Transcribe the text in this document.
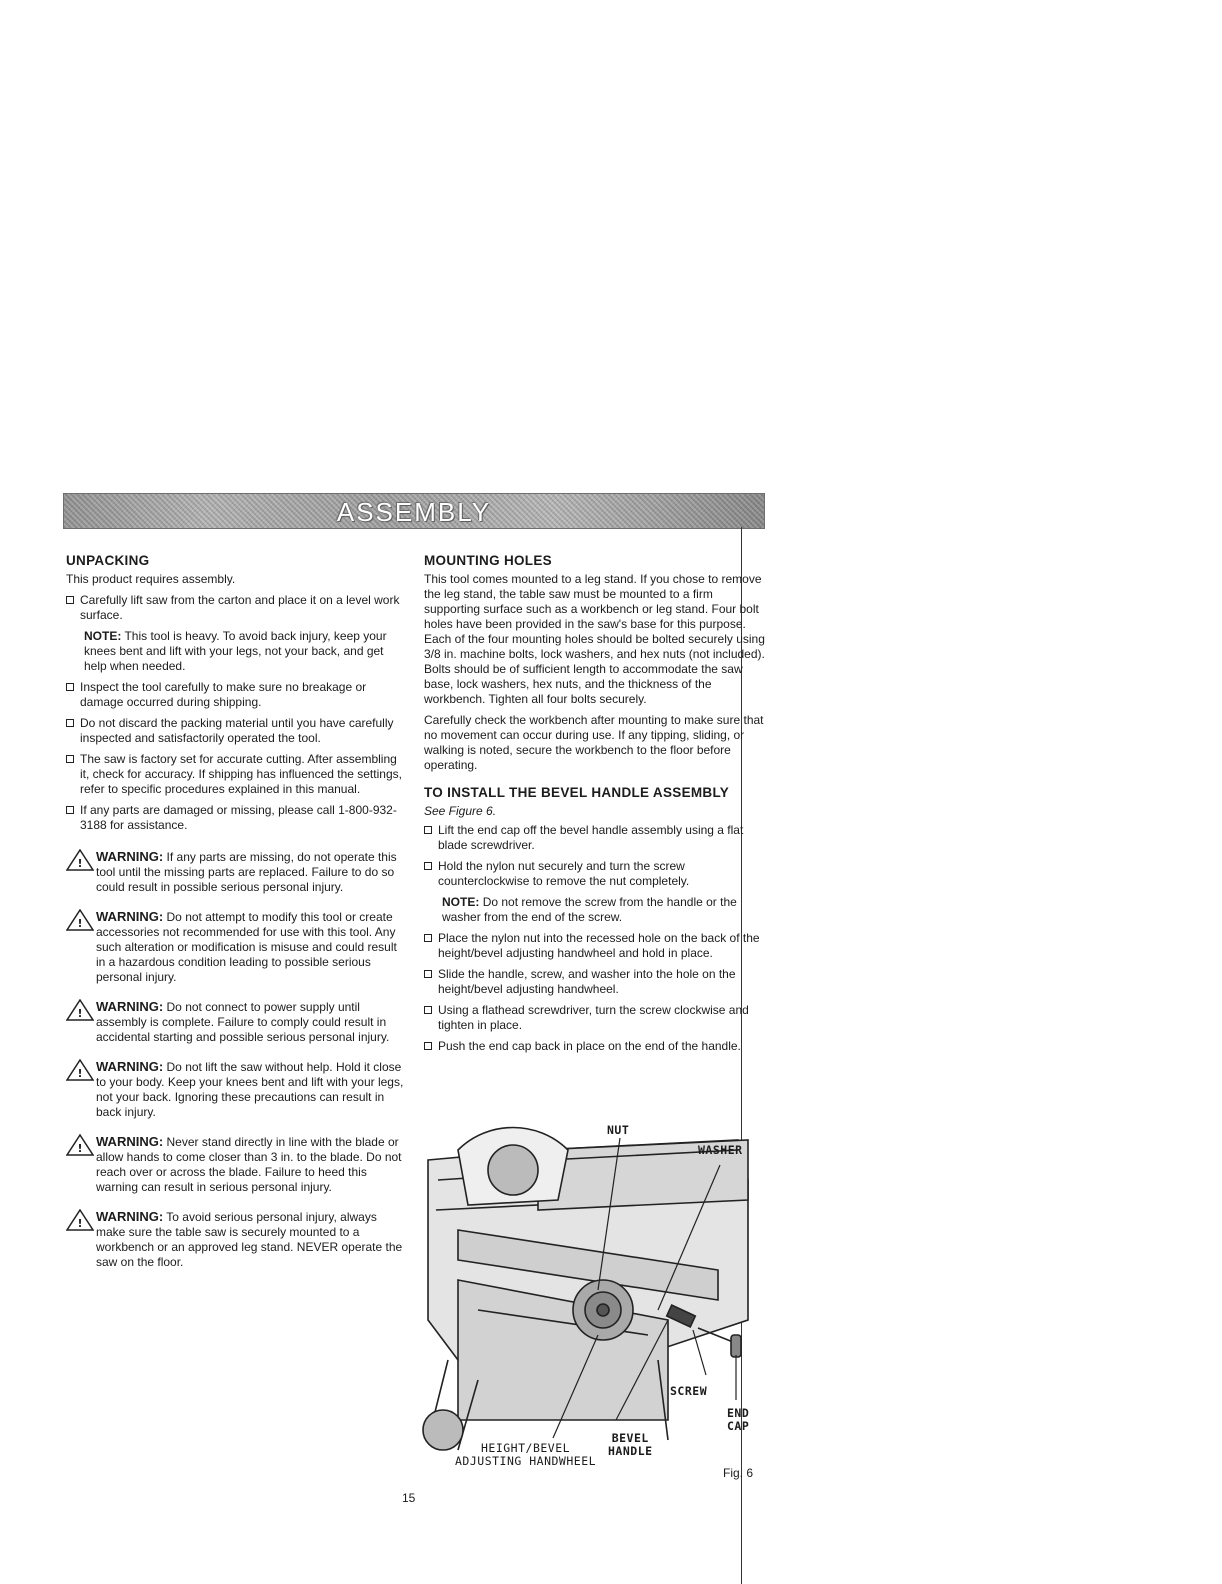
ASSEMBLY
UNPACKING

This product requires assembly.

Carefully lift saw from the carton and place it on a level work surface.
NOTE: This tool is heavy. To avoid back injury, keep your knees bent and lift with your legs, not your back, and get help when needed.
Inspect the tool carefully to make sure no breakage or damage occurred during shipping.
Do not discard the packing material until you have carefully inspected and satisfactorily operated the tool.
The saw is factory set for accurate cutting. After assembling it, check for accuracy. If shipping has influenced the settings, refer to specific procedures explained in this manual.
If any parts are damaged or missing, please call 1-800-932-3188 for assistance.
! WARNING: If any parts are missing, do not operate this tool until the missing parts are replaced. Failure to do so could result in possible serious personal injury.
! WARNING: Do not attempt to modify this tool or create accessories not recommended for use with this tool. Any such alteration or modification is misuse and could result in a hazardous condition leading to possible serious personal injury.
! WARNING: Do not connect to power supply until assembly is complete. Failure to comply could result in accidental starting and possible serious personal injury.
! WARNING: Do not lift the saw without help. Hold it close to your body. Keep your knees bent and lift with your legs, not your back. Ignoring these precautions can result in back injury.
! WARNING: Never stand directly in line with the blade or allow hands to come closer than 3 in. to the blade. Do not reach over or across the blade. Failure to heed this warning can result in serious personal injury.
! WARNING: To avoid serious personal injury, always make sure the table saw is securely mounted to a workbench or an approved leg stand. NEVER operate the saw on the floor.
MOUNTING HOLES

This tool comes mounted to a leg stand. If you chose to remove the leg stand, the table saw must be mounted to a firm supporting surface such as a workbench or leg stand. Four bolt holes have been provided in the saw's base for this purpose. Each of the four mounting holes should be bolted securely using 3/8 in. machine bolts, lock washers, and hex nuts (not included). Bolts should be of sufficient length to accommodate the saw base, lock washers, hex nuts, and the thickness of the workbench. Tighten all four bolts securely.

Carefully check the workbench after mounting to make sure that no movement can occur during use. If any tipping, sliding, or walking is noted, secure the workbench to the floor before operating.

TO INSTALL THE BEVEL HANDLE ASSEMBLY
See Figure 6.
Lift the end cap off the bevel handle assembly using a flat blade screwdriver.
Hold the nylon nut securely and turn the screw counterclockwise to remove the nut completely.
NOTE: Do not remove the screw from the handle or the washer from the end of the screw.
Place the nylon nut into the recessed hole on the back of the height/bevel adjusting handwheel and hold in place.
Slide the handle, screw, and washer into the hole on the height/bevel adjusting handwheel.
Using a flathead screwdriver, turn the screw clockwise and tighten in place.
Push the end cap back in place on the end of the handle.
NUT
WASHER
SCREW
END
CAP
BEVEL
HANDLE
HEIGHT/BEVEL
ADJUSTING HANDWHEEL
Fig. 6
15
